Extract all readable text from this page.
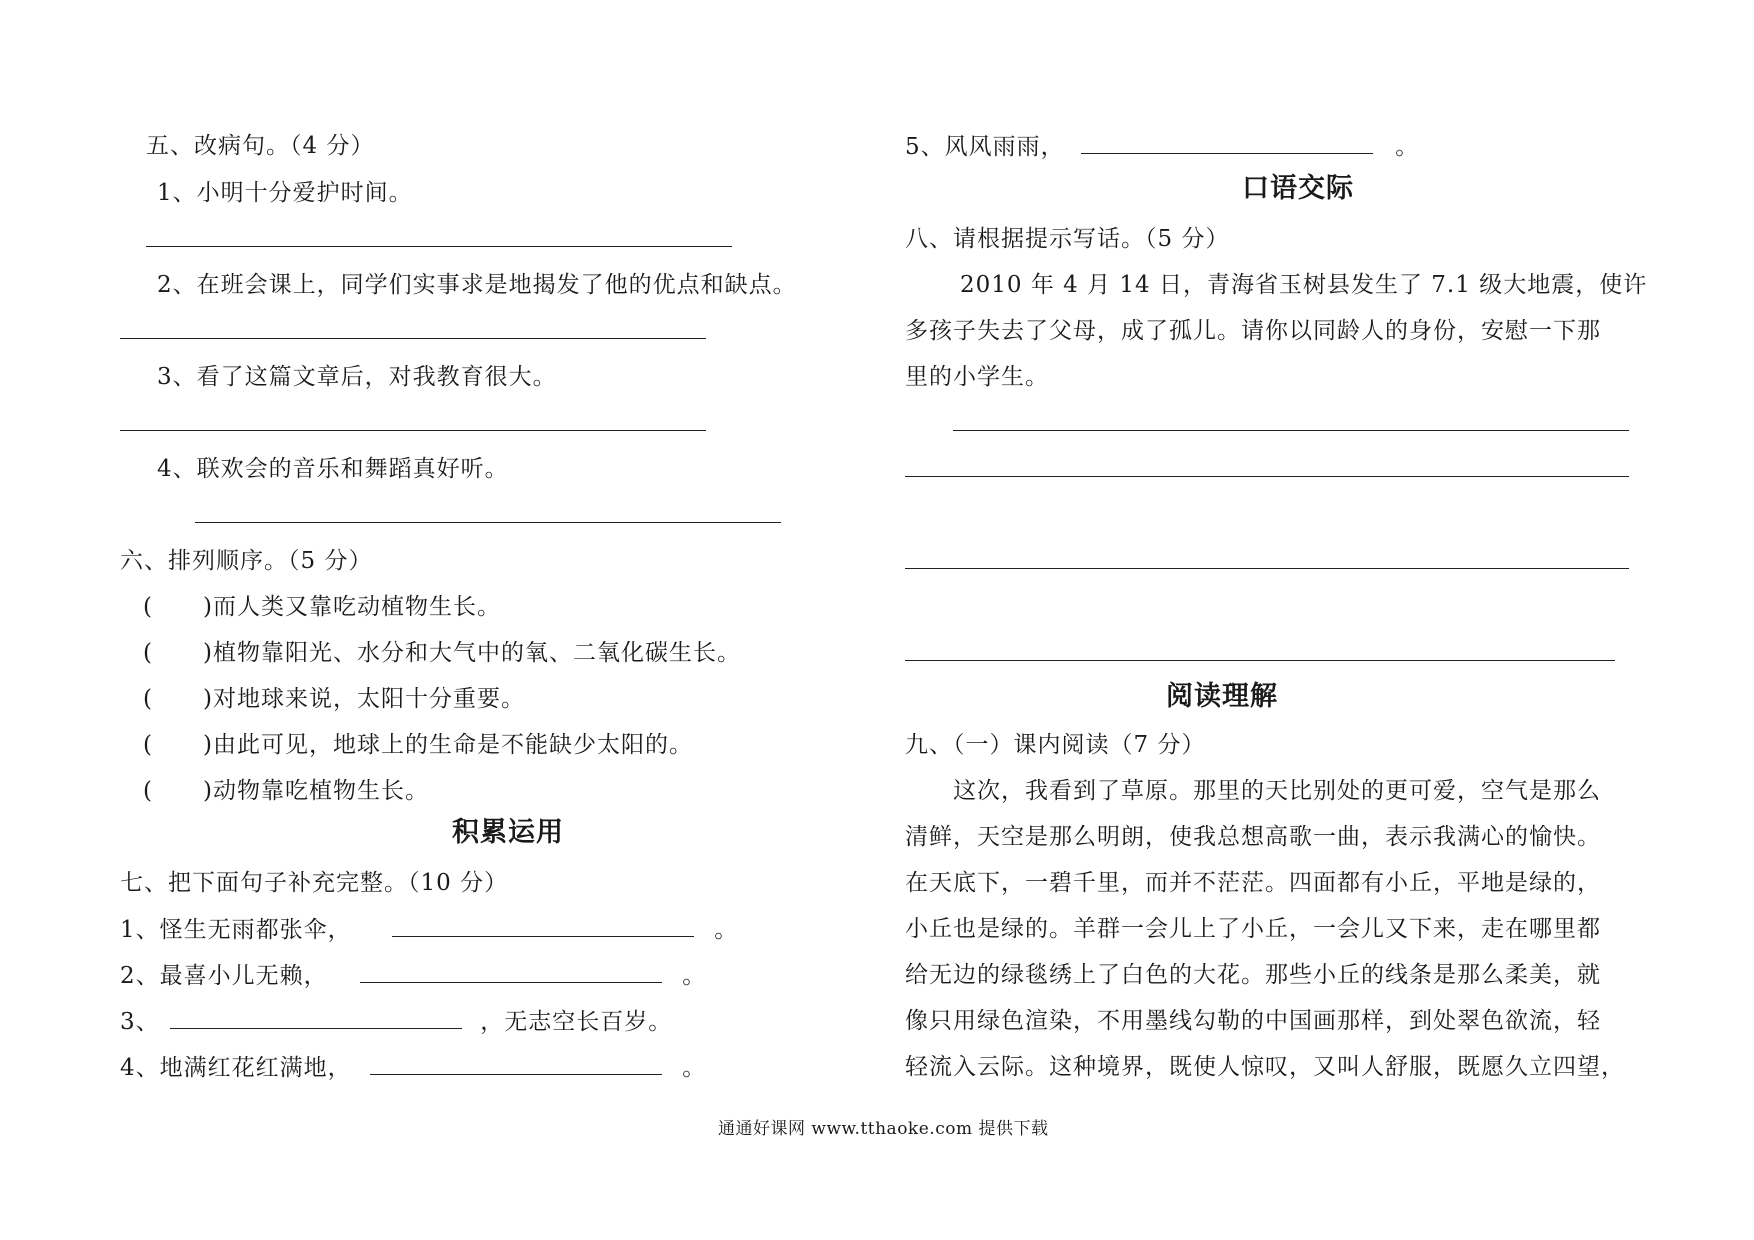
五、改病句。（4 分）
1、小明十分爱护时间。
2、在班会课上，同学们实事求是地揭发了他的优点和缺点。
3、看了这篇文章后，对我教育很大。
4、联欢会的音乐和舞蹈真好听。
六、排列顺序。（5 分）
( )而人类又靠吃动植物生长。
( )植物靠阳光、水分和大气中的氧、二氧化碳生长。
( )对地球来说，太阳十分重要。
( )由此可见，地球上的生命是不能缺少太阳的。
( )动物靠吃植物生长。
积累运用
七、把下面句子补充完整。（10 分）
1、怪生无雨都张伞，	。
2、最喜小儿无赖，	。
3、	，无志空长百岁。
4、地满红花红满地，	。
5、风风雨雨，	。
口语交际
八、请根据提示写话。（5 分）
2010 年 4 月 14 日，青海省玉树县发生了 7.1 级大地震，使许
多孩子失去了父母，成了孤儿。请你以同龄人的身份，安慰一下那
里的小学生。
阅读理解
九、（一）课内阅读（7 分）
这次，我看到了草原。那里的天比别处的更可爱，空气是那么
清鲜，天空是那么明朗，使我总想高歌一曲，表示我满心的愉快。
在天底下，一碧千里，而并不茫茫。四面都有小丘，平地是绿的，
小丘也是绿的。羊群一会儿上了小丘，一会儿又下来，走在哪里都
给无边的绿毯绣上了白色的大花。那些小丘的线条是那么柔美，就
像只用绿色渲染，不用墨线勾勒的中国画那样，到处翠色欲流，轻
轻流入云际。这种境界，既使人惊叹，又叫人舒服，既愿久立四望，
通通好课网 www.tthaoke.com 提供下载
